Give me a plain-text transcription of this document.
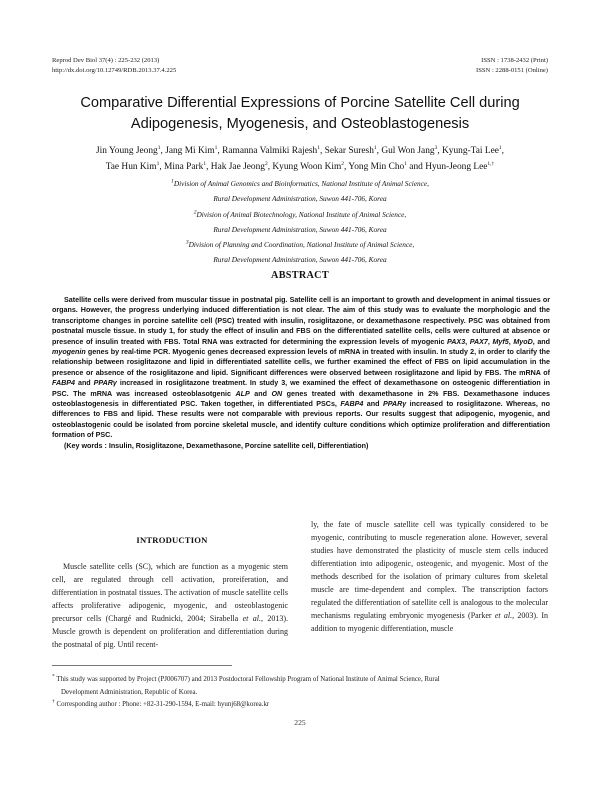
Reprod Dev Biol 37(4) : 225-232 (2013)
http://dx.doi.org/10.12749/RDB.2013.37.4.225
ISSN : 1738-2432 (Print)
ISSN : 2288-0151 (Online)
Comparative Differential Expressions of Porcine Satellite Cell during
Adipogenesis, Myogenesis, and Osteoblastogenesis
Jin Young Jeong$^1$, Jang Mi Kim$^1$, Ramanna Valmiki Rajesh$^1$, Sekar Suresh$^1$, Gul Won Jang$^3$, Kyung-Tai Lee$^1$,
Tae Hun Kim$^1$, Mina Park$^1$, Hak Jae Jeong$^2$, Kyung Woon Kim$^2$, Yong Min Cho$^1$ and Hyun-Jeong Lee$^{1,\dagger}$
$^1$Division of Animal Genomics and Bioinformatics, National Institute of Animal Science,
Rural Development Administration, Suwon 441-706, Korea
$^2$Division of Animal Biotechnology, National Institute of Animal Science,
Rural Development Administration, Suwon 441-706, Korea
$^3$Division of Planning and Coordination, National Institute of Animal Science,
Rural Development Administration, Suwon 441-706, Korea
ABSTRACT
Satellite cells were derived from muscular tissue in postnatal pig. Satellite cell is an important to growth and development in animal tissues or organs. However, the progress underlying induced differentiation is not clear. The aim of this study was to evaluate the morphologic and the transcriptome changes in porcine satellite cell (PSC) treated with insulin, rosiglitazone, or dexamethasone respectively. PSC was obtained from postnatal muscle tissue. In study 1, for study the effect of insulin and FBS on the differentiated satellite cells, cells were cultured at absence or presence of insulin treated with FBS. Total RNA was extracted for determining the expression levels of myogenic PAX3, PAX7, Myf5, MyoD, and myogenin genes by real-time PCR. Myogenic genes decreased expression levels of mRNA in treated with insulin. In study 2, in order to clarify the relationship between rosiglitazone and lipid in differentiated satellite cells, we further examined the effect of FBS on lipid accumulation in the presence or absence of the rosiglitazone and lipid. Significant differences were observed between rosiglitazone and lipid by FBS. The mRNA of FABP4 and PPARγ increased in rosiglitazone treatment. In study 3, we examined the effect of dexamethasone on osteogenic differentiation in PSC. The mRNA was increased osteoblasotgenic ALP and ON genes treated with dexamethasone in 2% FBS. Dexamethasone induces osteoblastogenesis in differentiated PSC. Taken together, in differentiated PSCs, FABP4 and PPARγ increased to rosiglitazone. Whereas, no differences to FBS and lipid. These results were not comparable with previous reports. Our results suggest that adipogenic, myogenic, and osteoblastogenic could be isolated from porcine skeletal muscle, and identify culture conditions which optimize proliferation and differentiation formation of PSC.
(Key words : Insulin, Rosiglitazone, Dexamethasone, Porcine satellite cell, Differentiation)
INTRODUCTION
Muscle satellite cells (SC), which are function as a myogenic stem cell, are regulated through cell activation, proreiferation, and differentiation in postnatal tissues. The activation of muscle satellite cells affects proliferative adipogenic, myogenic, and osteoblastogenic precursor cells (Chargé and Rudnicki, 2004; Sirabella et al., 2013). Muscle growth is dependent on proliferation and differentiation during the postnatal of pig. Until recent-
ly, the fate of muscle satellite cell was typically considered to be myogenic, contributing to muscle regeneration alone. However, several studies have demonstrated the plasticity of muscle stem cells induced differentiation into adipogenic, osteogenic, and myogenic. Most of the methods described for the isolation of primary cultures from skeletal muscle are time-dependent and complex. The transcription factors regulated the differentiation of satellite cell is analogous to the molecular mechanisms regulating embryonic myogenesis (Parker et al., 2003). In addition to myogenic differentiation, muscle
* This study was supported by Project (PJ006707) and 2013 Postdoctoral Fellowship Program of National Institute of Animal Science, Rural
Development Administration, Republic of Korea.
† Corresponding author : Phone: +82-31-290-1594, E-mail: hyunj68@korea.kr
225
